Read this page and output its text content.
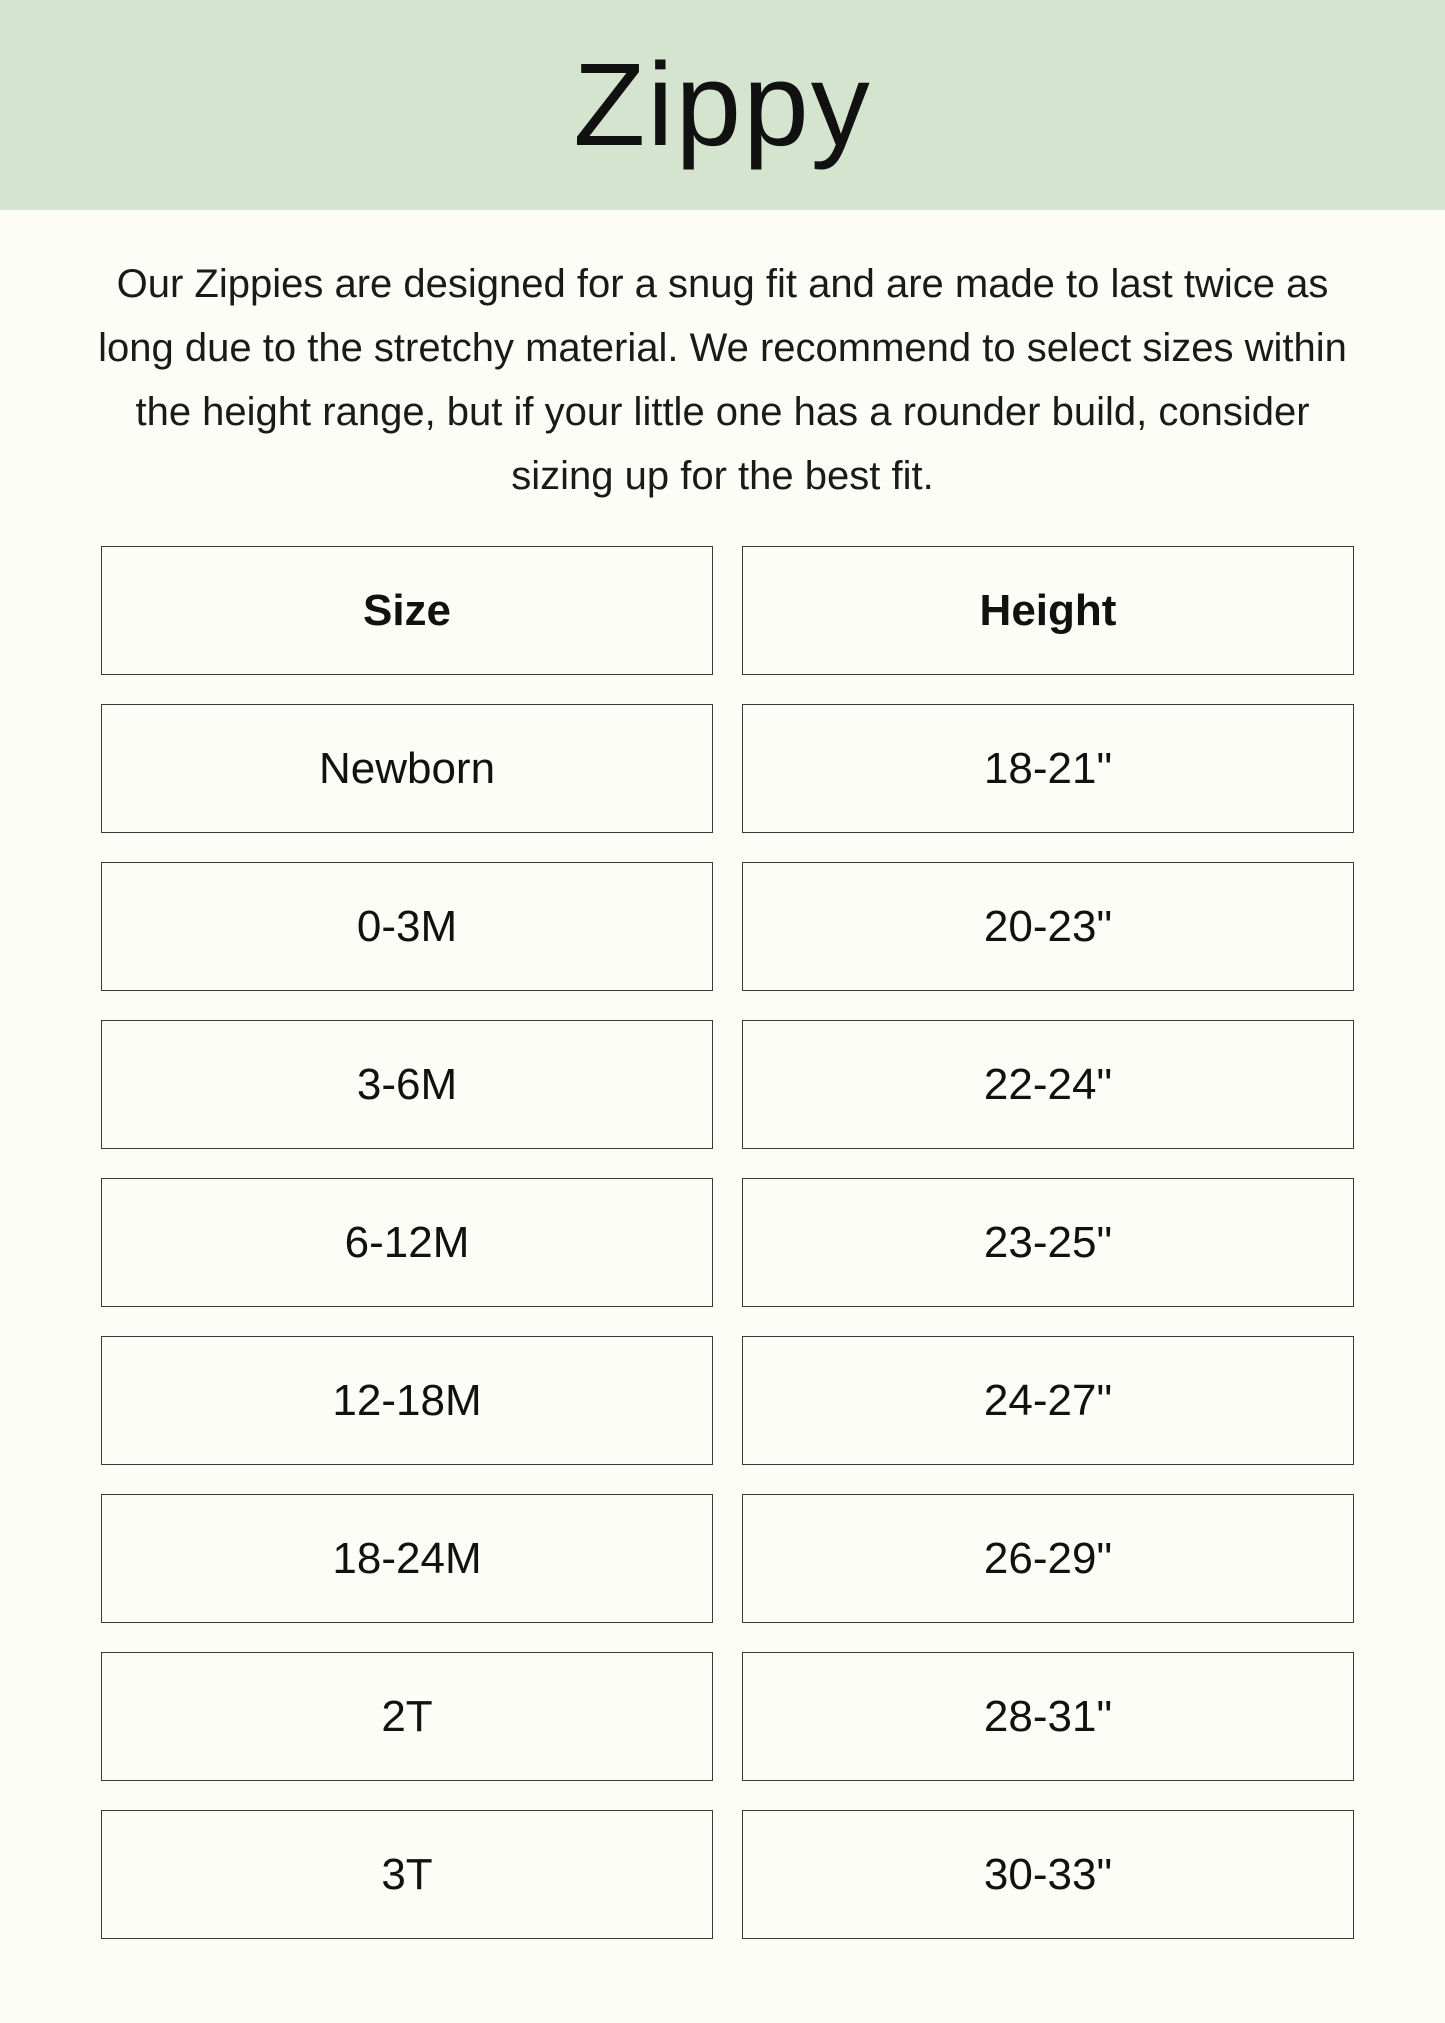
Zippy

Our Zippies are designed for a snug fit and are made to last twice as long due to the stretchy material. We recommend to select sizes within the height range, but if your little one has a rounder build, consider sizing up for the best fit.

Size	Height
Newborn	18-21"
0-3M	20-23"
3-6M	22-24"
6-12M	23-25"
12-18M	24-27"
18-24M	26-29"
2T	28-31"
3T	30-33"
